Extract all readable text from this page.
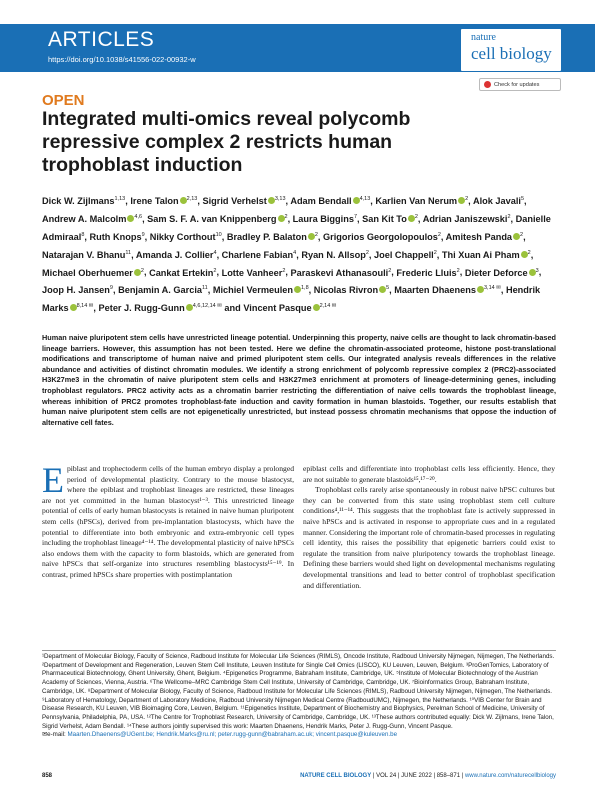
ARTICLES
https://doi.org/10.1038/s41556-022-00932-w
nature
cell biology
Check for updates
OPEN
Integrated multi-omics reveal polycomb repressive complex 2 restricts human trophoblast induction
Dick W. Zijlmans$^{1,13}$, Irene Talon $^{2,13}$, Sigrid Verhelst $^{3,13}$, Adam Bendall $^{4,13}$, Karlien Van Nerum $^2$, Alok Javali$^5$, Andrew A. Malcolm $^{4,6}$, Sam S. F. A. van Knippenberg $^2$, Laura Biggins$^7$, San Kit To $^2$, Adrian Janiszewski$^2$, Danielle Admiraal$^8$, Ruth Knops$^9$, Nikky Corthout$^{10}$, Bradley P. Balaton $^2$, Grigorios Georgolopoulos$^2$, Amitesh Panda $^2$, Natarajan V. Bhanu$^{11}$, Amanda J. Collier$^4$, Charlene Fabian$^4$, Ryan N. Allsop$^2$, Joel Chappell$^2$, Thi Xuan Ai Pham $^2$, Michael Oberhuemer $^2$, Cankat Ertekin$^2$, Lotte Vanheer$^2$, Paraskevi Athanasouli$^2$, Frederic Lluis$^2$, Dieter Deforce $^3$, Joop H. Jansen$^9$, Benjamin A. Garcia$^{11}$, Michiel Vermeulen $^{1,8}$, Nicolas Rivron $^5$, Maarten Dhaenens $^{3,14 ✉}$, Hendrik Marks $^{8,14 ✉}$, Peter J. Rugg-Gunn $^{4,6,12,14 ✉}$ and Vincent Pasque $^{2,14 ✉}$
Human naive pluripotent stem cells have unrestricted lineage potential. Underpinning this property, naive cells are thought to lack chromatin-based lineage barriers. However, this assumption has not been tested. Here we define the chromatin-associated proteome, histone post-translational modifications and transcriptome of human naive and primed pluripotent stem cells. Our integrated analysis reveals differences in the relative abundance and activities of distinct chromatin modules. We identify a strong enrichment of polycomb repressive complex 2 (PRC2)-associated H3K27me3 in the chromatin of naive pluripotent stem cells and H3K27me3 enrichment at promoters of lineage-determining genes, including trophoblast regulators. PRC2 activity acts as a chromatin barrier restricting the differentiation of naive cells towards the trophoblast lineage, whereas inhibition of PRC2 promotes trophoblast-fate induction and cavity formation in human blastoids. Together, our results establish that human naive pluripotent stem cells are not epigenetically unrestricted, but instead possess chromatin mechanisms that oppose the induction of alternative cell fates.

Epiblast and trophectoderm cells of the human embryo display a prolonged period of developmental plasticity. Contrary to the mouse blastocyst, where the epiblast and trophoblast lineages are restricted, these lineages are not yet committed in the human blastocyst¹⁻³. This unrestricted lineage potential of cells of early human blastocysts is retained in naive human pluripotent stem cells (hPSCs), derived from pre-implantation blastocysts, which have the potential to differentiate into both embryonic and extra-embryonic cell types including the trophoblast lineage⁴⁻¹⁴. The developmental plasticity of naive hPSCs also endows them with the capacity to form blastoids, which are generated from naive hPSCs that self-organize into structures resembling blastocysts¹⁵⁻¹⁹. In contrast, primed hPSCs share properties with postimplantation

epiblast cells and differentiate into trophoblast cells less efficiently. Hence, they are not suitable to generate blastoids¹⁵,¹⁷⁻²⁰.

Trophoblast cells rarely arise spontaneously in robust naive hPSC cultures but they can be converted from this state using trophoblast stem cell culture conditions⁴,¹¹⁻¹⁴. This suggests that the trophoblast fate is actively suppressed in naive hPSCs and is activated in response to appropriate cues and in a regulated manner. Considering the important role of chromatin-based processes in regulating cell identity, this raises the possibility that epigenetic barriers could exist to regulate the transition from naive pluripotency towards the trophoblast lineage. Defining these barriers would shed light on developmental mechanisms regulating developmental transitions and lead to better control of trophoblast specification and differentiation.

¹Department of Molecular Biology, Faculty of Science, Radboud Institute for Molecular Life Sciences (RIMLS), Oncode Institute, Radboud University Nijmegen, Nijmegen, The Netherlands. ²Department of Development and Regeneration, Leuven Stem Cell Institute, Leuven Institute for Single Cell Omics (LISCO), KU Leuven, Leuven, Belgium. ³ProGenTomics, Laboratory of Pharmaceutical Biotechnology, Ghent University, Ghent, Belgium. ⁴Epigenetics Programme, Babraham Institute, Cambridge, UK. ⁵Institute of Molecular Biotechnology of the Austrian Academy of Sciences, Vienna, Austria. ⁶The Wellcome–MRC Cambridge Stem Cell Institute, University of Cambridge, Cambridge, UK. ⁷Bioinformatics Group, Babraham Institute, Cambridge, UK. ⁸Department of Molecular Biology, Faculty of Science, Radboud Institute for Molecular Life Sciences (RIMLS), Radboud University Nijmegen, Nijmegen, The Netherlands. ⁹Laboratory of Hematology, Department of Laboratory Medicine, Radboud University Nijmegen Medical Centre (RadboudUMC), Nijmegen, the Netherlands. ¹⁰VIB Center for Brain and Disease Research, KU Leuven, VIB Bioimaging Core, Leuven, Belgium. ¹¹Epigenetics Institute, Department of Biochemistry and Biophysics, Perelman School of Medicine, University of Pennsylvania, Philadelphia, PA, USA. ¹²The Centre for Trophoblast Research, University of Cambridge, Cambridge, UK. ¹³These authors contributed equally: Dick W. Zijlmans, Irene Talon, Sigrid Verhelst, Adam Bendall. ¹⁴These authors jointly supervised this work: Maarten Dhaenens, Hendrik Marks, Peter J. Rugg-Gunn, Vincent Pasque.
✉e-mail: Maarten.Dhaenens@UGent.be; Hendrik.Marks@ru.nl; peter.rugg-gunn@babraham.ac.uk; vincent.pasque@kuleuven.be
858	NATURE CELL BIOLOGY | VOL 24 | JUNE 2022 | 858–871 | www.nature.com/naturecellbiology
